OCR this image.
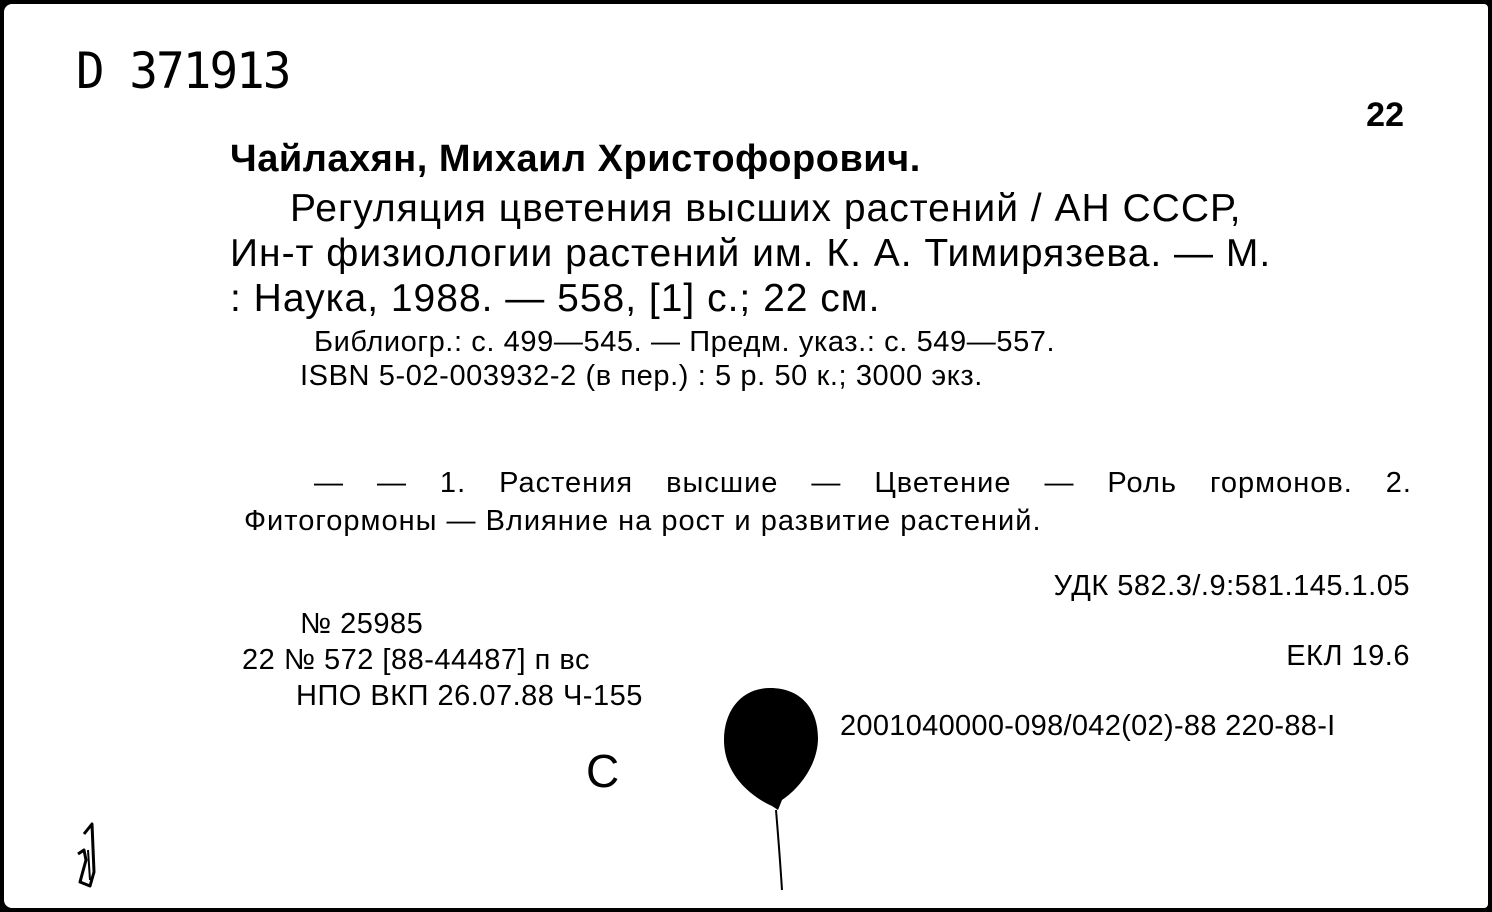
D 371913
22
Чайлахян, Михаил Христофорович.
Регуляция цветения высших растений / АН СССР,
Ин-т физиологии растений им. К. А. Тимирязева. — М.
: Наука, 1988. — 558, [1] с.; 22 см.
Библиогр.: с. 499—545. — Предм. указ.: с. 549—557.
ISBN 5-02-003932-2 (в пер.) : 5 р. 50 к.; 3000 экз.
— — 1. Растения высшие — Цветение — Роль гормонов. 2.
Фитогормоны — Влияние на рост и развитие растений.
УДК 582.3/.9:581.145.1.05
№ 25985
ЕКЛ 19.6
22 № 572 [88-44487] п вс
НПО ВКП 26.07.88 Ч-155
2001040000-098/042(02)-88 220-88-I
С
